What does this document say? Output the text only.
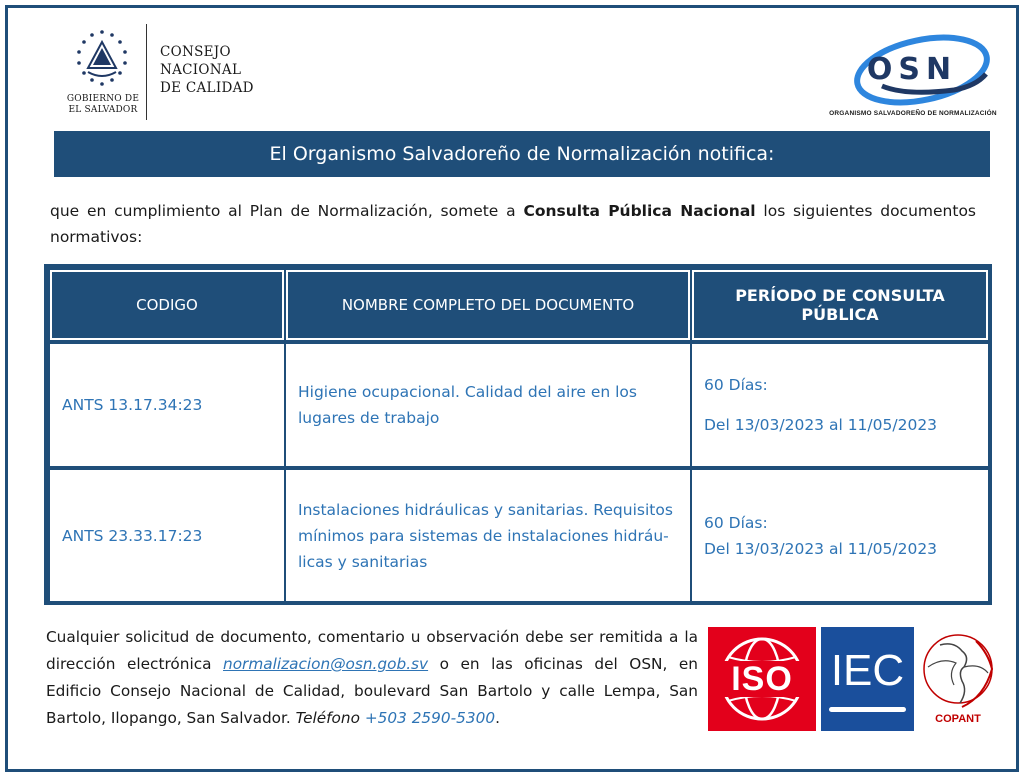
GOBIERNO DE
EL SALVADOR
CONSEJO
NACIONAL
DE CALIDAD
OSN
ORGANISMO SALVADOREÑO DE NORMALIZACIÓN
El Organismo Salvadoreño de Normalización notifica:

que en cumplimiento al Plan de Normalización, somete a Consulta Pública Nacional los siguientes documentos normativos:

CODIGO	NOMBRE COMPLETO DEL DOCUMENTO	PERÍODO DE CONSULTA PÚBLICA
ANTS 13.17.34:23
Higiene ocupacional. Calidad del aire en los lugares de trabajo
60 Días:
Del 13/03/2023 al 11/05/2023
ANTS 23.33.17:23
Instalaciones hidráulicas y sanitarias. Requisitos mínimos para sistemas de instalaciones hidráu-licas y sanitarias
60 Días:
Del 13/03/2023 al 11/05/2023

Cualquier solicitud de documento, comentario u observación debe ser remitida a la dirección electrónica normalizacion@osn.gob.sv o en las oficinas del OSN, en Edificio Consejo Nacional de Calidad, boulevard San Bartolo y calle Lempa, San Bartolo, Ilopango, San Salvador. Teléfono +503 2590-5300.

ISO IEC
COPANT
